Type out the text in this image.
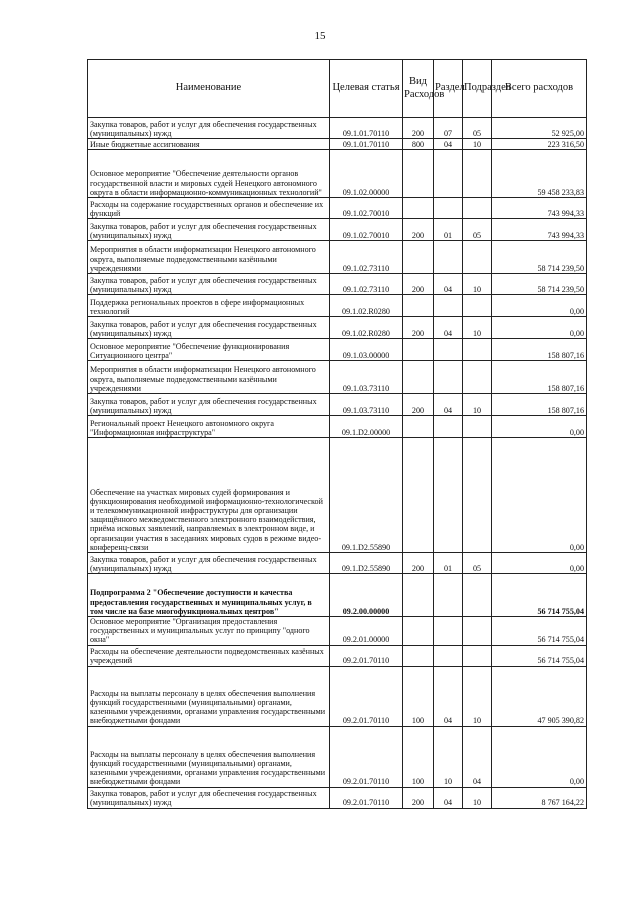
15
Наименование	Целевая статья	Вид Расходов	Раздел	Подраздел	Всего расходов
Закупка товаров, работ и услуг для обеспечения государственных (муниципальных) нужд	09.1.01.70110	200	07	05	52 925,00
Иные бюджетные ассигнования	09.1.01.70110	800	04	10	223 316,50
Основное мероприятие "Обеспечение деятельности органов государственной власти и мировых судей Ненецкого автономного округа в области информационно-коммуникационных технологий"	09.1.02.00000				59 458 233,83
Расходы на содержание государственных органов и обеспечение их функций	09.1.02.70010				743 994,33
Закупка товаров, работ и услуг для обеспечения государственных (муниципальных) нужд	09.1.02.70010	200	01	05	743 994,33
Мероприятия в области информатизации Ненецкого автономного округа, выполняемые подведомственными казёнными учреждениями	09.1.02.73110				58 714 239,50
Закупка товаров, работ и услуг для обеспечения государственных (муниципальных) нужд	09.1.02.73110	200	04	10	58 714 239,50
Поддержка региональных проектов в сфере информационных технологий	09.1.02.R0280				0,00
Закупка товаров, работ и услуг для обеспечения государственных (муниципальных) нужд	09.1.02.R0280	200	04	10	0,00
Основное мероприятие "Обеспечение функционирования Ситуационного центра"	09.1.03.00000				158 807,16
Мероприятия в области информатизации Ненецкого автономного округа, выполняемые подведомственными казёнными учреждениями	09.1.03.73110				158 807,16
Закупка товаров, работ и услуг для обеспечения государственных (муниципальных) нужд	09.1.03.73110	200	04	10	158 807,16
Региональный проект Ненецкого автономного округа "Информационная инфраструктура"	09.1.D2.00000				0,00
Обеспечение на участках мировых судей формирования и функционирования необходимой информационно-технологической и телекоммуникационной инфраструктуры для организации защищённого межведомственного электронного взаимодействия, приёма исковых заявлений, направляемых в электронном виде, и организации участия в заседаниях мировых судов в режиме видео-конференц-связи	09.1.D2.55890				0,00
Закупка товаров, работ и услуг для обеспечения государственных (муниципальных) нужд	09.1.D2.55890	200	01	05	0,00
Подпрограмма 2 "Обеспечение доступности и качества предоставления государственных и муниципальных услуг, в том числе на базе многофункциональных центров"	09.2.00.00000				56 714 755,04
Основное мероприятие "Организация предоставления государственных и муниципальных услуг по принципу "одного окна"	09.2.01.00000				56 714 755,04
Расходы на обеспечение деятельности подведомственных казённых учреждений	09.2.01.70110				56 714 755,04
Расходы на выплаты персоналу в целях обеспечения выполнения функций государственными (муниципальными) органами, казенными учреждениями, органами управления государственными внебюджетными фондами	09.2.01.70110	100	04	10	47 905 390,82
Расходы на выплаты персоналу в целях обеспечения выполнения функций государственными (муниципальными) органами, казенными учреждениями, органами управления государственными внебюджетными фондами	09.2.01.70110	100	10	04	0,00
Закупка товаров, работ и услуг для обеспечения государственных (муниципальных) нужд	09.2.01.70110	200	04	10	8 767 164,22
